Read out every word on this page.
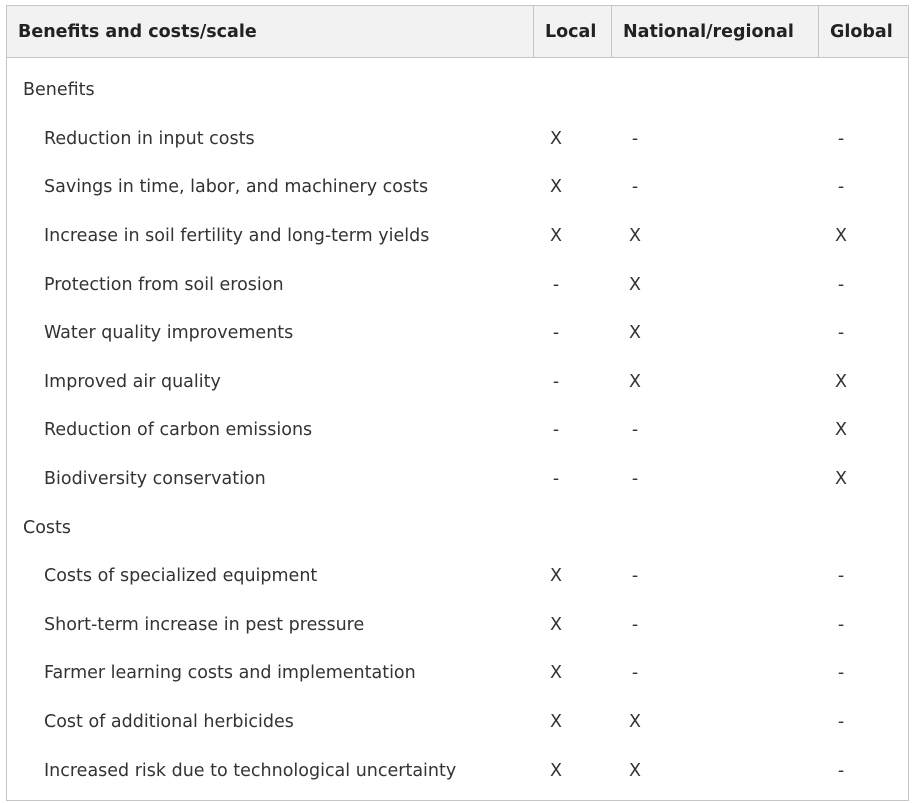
Benefits and costs/scale	Local	National/regional	Global
Benefits
Reduction in input costs	X	-	-
Savings in time, labor, and machinery costs	X	-	-
Increase in soil fertility and long-term yields	X	X	X
Protection from soil erosion	-	X	-
Water quality improvements	-	X	-
Improved air quality	-	X	X
Reduction of carbon emissions	-	-	X
Biodiversity conservation	-	-	X
Costs
Costs of specialized equipment	X	-	-
Short-term increase in pest pressure	X	-	-
Farmer learning costs and implementation	X	-	-
Cost of additional herbicides	X	X	-
Increased risk due to technological uncertainty	X	X	-
